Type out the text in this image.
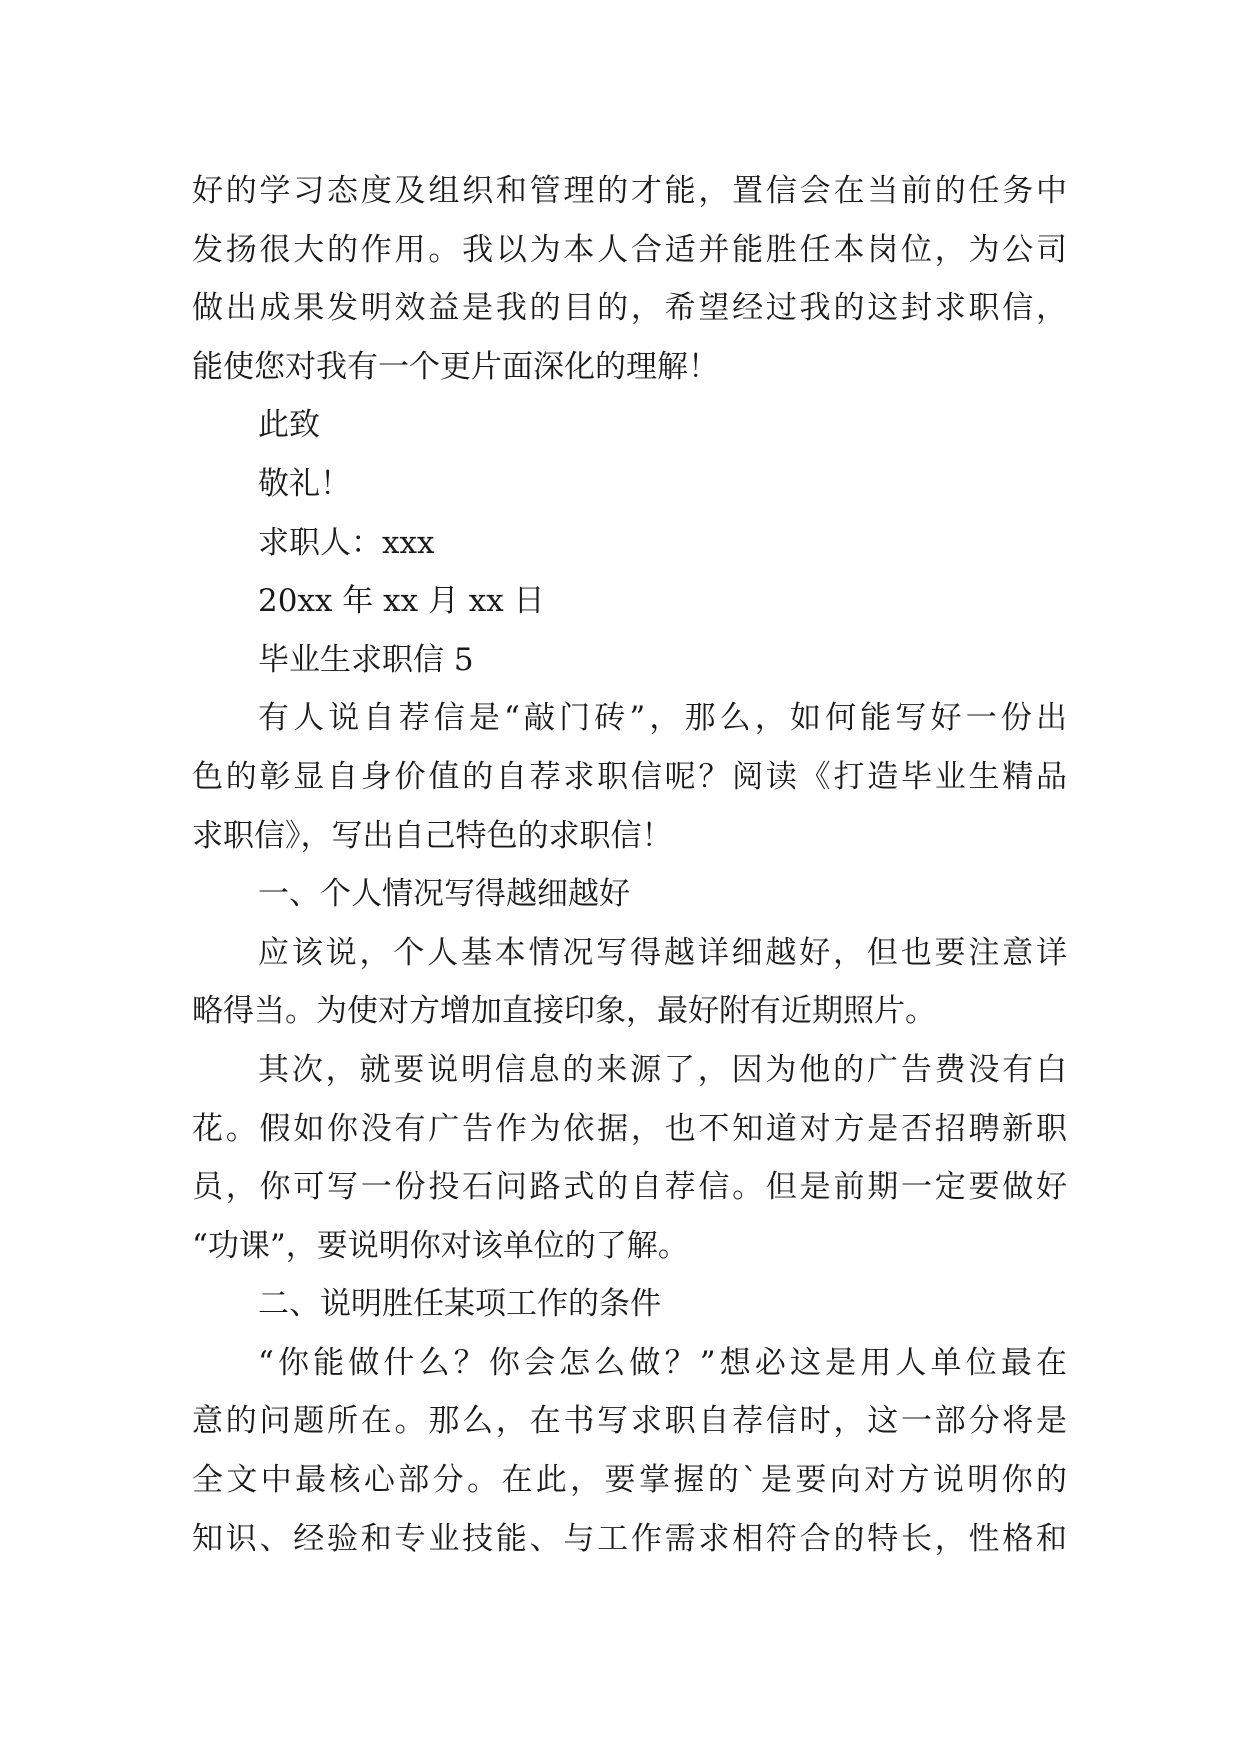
好的学习态度及组织和管理的才能，置信会在当前的任务中
发扬很大的作用。我以为本人合适并能胜任本岗位，为公司
做出成果发明效益是我的目的，希望经过我的这封求职信，
能使您对我有一个更片面深化的理解！
此致
敬礼！
求职人：xxx
20xx 年 xx 月 xx 日
毕业生求职信 5
有人说自荐信是“敲门砖”，那么，如何能写好一份出
色的彰显自身价值的自荐求职信呢？阅读《打造毕业生精品
求职信》，写出自己特色的求职信！
一、个人情况写得越细越好
应该说，个人基本情况写得越详细越好，但也要注意详
略得当。为使对方增加直接印象，最好附有近期照片。
其次，就要说明信息的来源了，因为他的广告费没有白
花。假如你没有广告作为依据，也不知道对方是否招聘新职
员，你可写一份投石问路式的自荐信。但是前期一定要做好
“功课”，要说明你对该单位的了解。
二、说明胜任某项工作的条件
“你能做什么？你会怎么做？”想必这是用人单位最在
意的问题所在。那么，在书写求职自荐信时，这一部分将是
全文中最核心部分。在此，要掌握的`是要向对方说明你的
知识、经验和专业技能、与工作需求相符合的特长，性格和
